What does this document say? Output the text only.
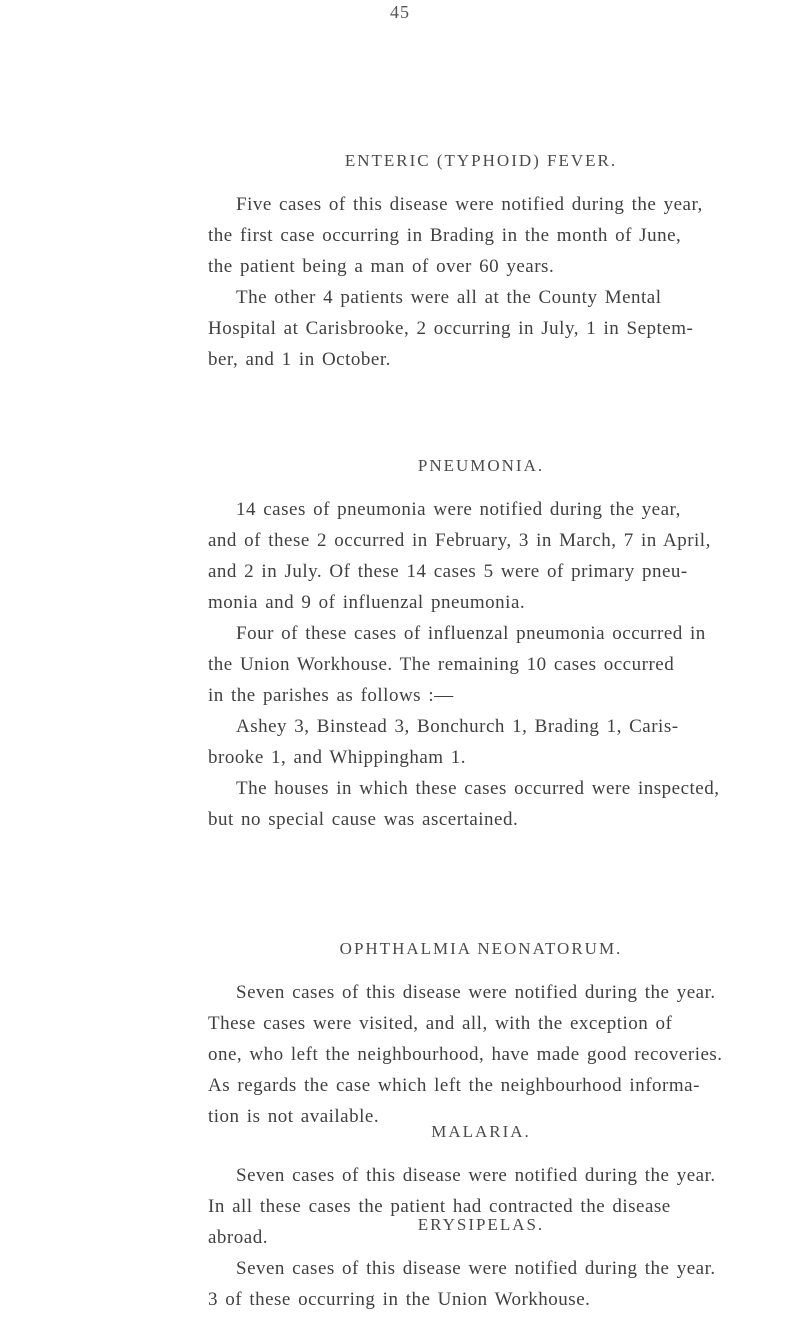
45
ENTERIC (TYPHOID) FEVER.

Five cases of this disease were notified during the year,
the first case occurring in Brading in the month of June,
the patient being a man of over 60 years.

The other 4 patients were all at the County Mental
Hospital at Carisbrooke, 2 occurring in July, 1 in Septem-
ber, and 1 in October.

PNEUMONIA.

14 cases of pneumonia were notified during the year,
and of these 2 occurred in February, 3 in March, 7 in April,
and 2 in July. Of these 14 cases 5 were of primary pneu-
monia and 9 of influenzal pneumonia.

Four of these cases of influenzal pneumonia occurred in
the Union Workhouse. The remaining 10 cases occurred
in the parishes as follows :—

Ashey 3, Binstead 3, Bonchurch 1, Brading 1, Caris-
brooke 1, and Whippingham 1.

The houses in which these cases occurred were inspected,
but no special cause was ascertained.

OPHTHALMIA NEONATORUM.

Seven cases of this disease were notified during the year.
These cases were visited, and all, with the exception of
one, who left the neighbourhood, have made good recoveries.
As regards the case which left the neighbourhood informa-
tion is not available.

MALARIA.

Seven cases of this disease were notified during the year.
In all these cases the patient had contracted the disease
abroad.

ERYSIPELAS.

Seven cases of this disease were notified during the year.
3 of these occurring in the Union Workhouse.
